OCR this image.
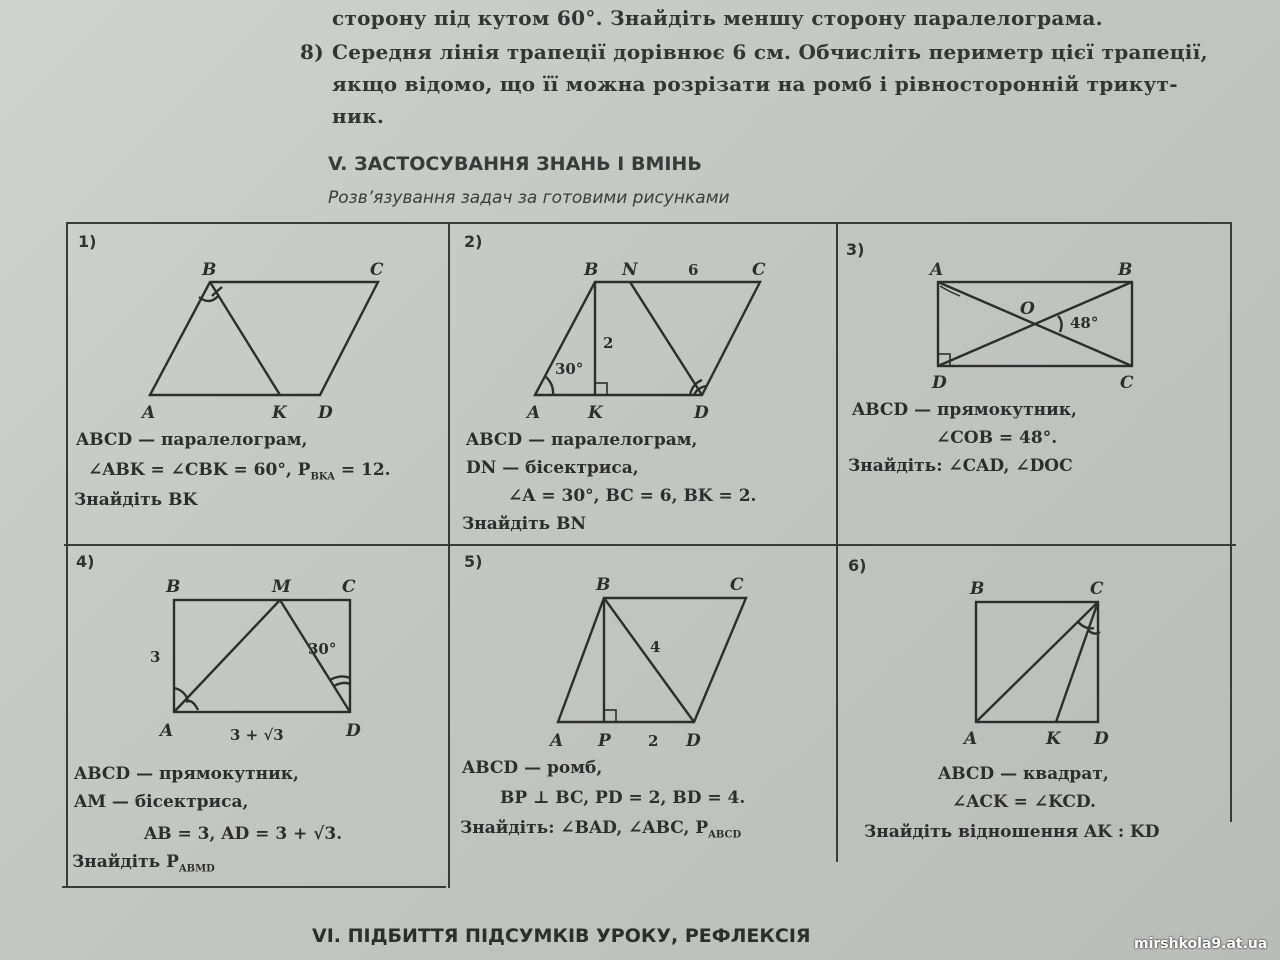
сторону під кутом 60°. Знайдіть меншу сторону паралелограма.
8) Середня лінія трапеції дорівнює 6 см. Обчисліть периметр цієї трапеції,
якщо відомо, що її можна розрізати на ромб і рівносторонній трикут-
ник.
V. ЗАСТОСУВАННЯ ЗНАНЬ І ВМІНЬ
Розв’язування задач за готовими рисунками
1)
B	C
A	K D
ABCD — паралелограм,
∠ABK = ∠CBK = 60°, $P_{BKA} = 12$.
Знайдіть BK
2)
B N	6	C
2
30°
A	K	D
ABCD — паралелограм,
DN — бісектриса,
∠A = 30°, BC = 6, BK = 2.
Знайдіть BN
3)
A	B
O
48°
D	C
ABCD — прямокутник,
∠COB = 48°.
Знайдіть: ∠CAD, ∠DOC
4)
B	M	C
3	30°
A	3 + √3	D
ABCD — прямокутник,
AM — бісектриса,
AB = 3, AD = 3 + √3.
Знайдіть $P_{ABMD}$
5)
B	C
4
A P 2 D
ABCD — ромб,
BP ⊥ BC, PD = 2, BD = 4.
Знайдіть: ∠BAD, ∠ABC, $P_{ABCD}$
6)
B	C
A	K D
ABCD — квадрат,
∠ACK = ∠KCD.
Знайдіть відношення AK : KD
VI. ПІДБИТТЯ ПІДСУМКІВ УРОКУ, РЕФЛЕКСІЯ	mirshkola9.at.ua
